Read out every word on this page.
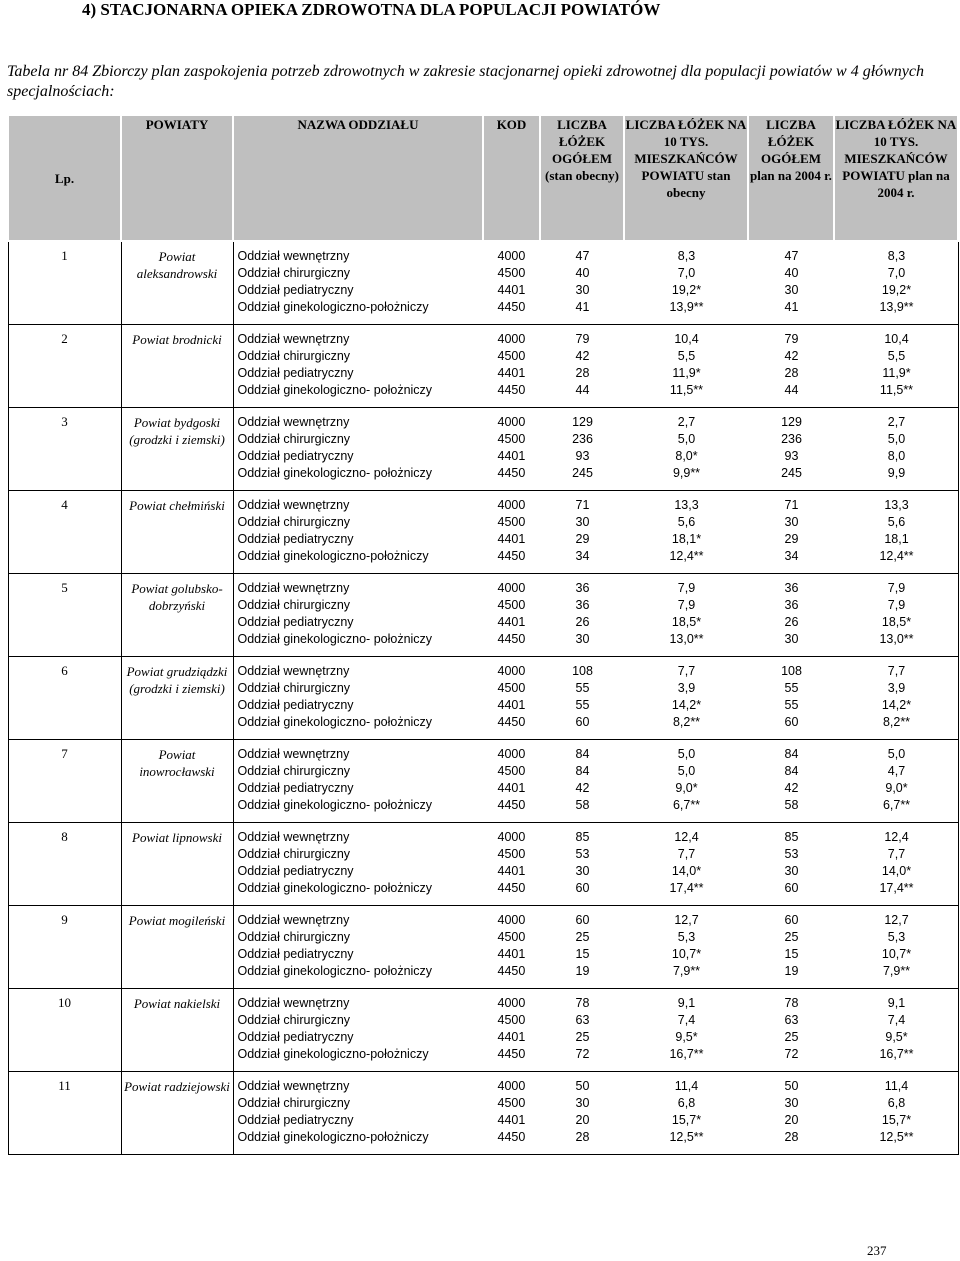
4) STACJONARNA OPIEKA ZDROWOTNA DLA POPULACJI POWIATÓW
Tabela nr 84 Zbiorczy plan zaspokojenia potrzeb zdrowotnych w zakresie stacjonarnej opieki zdrowotnej dla populacji powiatów w 4 głównych specjalnościach:
Lp.	POWIATY	NAZWA ODDZIAŁU	KOD	LICZBA ŁÓŻEK OGÓŁEM (stan obecny)	LICZBA ŁÓŻEK NA 10 TYS. MIESZKAŃCÓW POWIATU stan obecny	LICZBA ŁÓŻEK OGÓŁEM plan na 2004 r.	LICZBA ŁÓŻEK NA 10 TYS. MIESZKAŃCÓW POWIATU plan na 2004 r.
1	Powiat aleksandrowski	
Oddział wewnętrzny	4000	47	8,3	47	8,3
Oddział chirurgiczny	4500	40	7,0	40	7,0
Oddział pediatryczny	4401	30	19,2*	30	19,2*
Oddział ginekologiczno-położniczy	4450	41	13,9**	41	13,9**

2	Powiat brodnicki	Oddział wewnętrzny	4000	79	10,4	79	10,4
Oddział chirurgiczny	4500	42	5,5	42	5,5
Oddział pediatryczny	4401	28	11,9*	28	11,9*
Oddział ginekologiczno- położniczy	4450	44	11,5**	44	11,5**

3	Powiat bydgoski (grodzki i ziemski)	
Oddział wewnętrzny	4000	129	2,7	129	2,7
Oddział chirurgiczny	4500	236	5,0	236	5,0
Oddział pediatryczny	4401	93	8,0*	93	8,0
Oddział ginekologiczno- położniczy	4450	245	9,9**	245	9,9

4	Powiat chełmiński	Oddział wewnętrzny	4000	71	13,3	71	13,3
Oddział chirurgiczny	4500	30	5,6	30	5,6
Oddział pediatryczny	4401	29	18,1*	29	18,1
Oddział ginekologiczno-położniczy	4450	34	12,4**	34	12,4**

5	Powiat golubsko-dobrzyński	
Oddział wewnętrzny	4000	36	7,9	36	7,9
Oddział chirurgiczny	4500	36	7,9	36	7,9
Oddział pediatryczny	4401	26	18,5*	26	18,5*
Oddział ginekologiczno- położniczy	4450	30	13,0**	30	13,0**

6	Powiat grudziądzki (grodzki i ziemski)	
Oddział wewnętrzny	4000	108	7,7	108	7,7
Oddział chirurgiczny	4500	55	3,9	55	3,9
Oddział pediatryczny	4401	55	14,2*	55	14,2*
Oddział ginekologiczno- położniczy	4450	60	8,2**	60	8,2**

7	Powiat inowrocławski	
Oddział wewnętrzny	4000	84	5,0	84	5,0
Oddział chirurgiczny	4500	84	5,0	84	4,7
Oddział pediatryczny	4401	42	9,0*	42	9,0*
Oddział ginekologiczno- położniczy	4450	58	6,7**	58	6,7**

8	Powiat lipnowski	Oddział wewnętrzny	4000	85	12,4	85	12,4
Oddział chirurgiczny	4500	53	7,7	53	7,7
Oddział pediatryczny	4401	30	14,0*	30	14,0*
Oddział ginekologiczno- położniczy	4450	60	17,4**	60	17,4**

9	Powiat mogileński	Oddział wewnętrzny	4000	60	12,7	60	12,7
Oddział chirurgiczny	4500	25	5,3	25	5,3
Oddział pediatryczny	4401	15	10,7*	15	10,7*
Oddział ginekologiczno- położniczy	4450	19	7,9**	19	7,9**

10	Powiat nakielski	Oddział wewnętrzny	4000	78	9,1	78	9,1
Oddział chirurgiczny	4500	63	7,4	63	7,4
Oddział pediatryczny	4401	25	9,5*	25	9,5*
Oddział ginekologiczno-położniczy	4450	72	16,7**	72	16,7**

11	Powiat radziejowski	Oddział wewnętrzny	4000	50	11,4	50	11,4
Oddział chirurgiczny	4500	30	6,8	30	6,8
Oddział pediatryczny	4401	20	15,7*	20	15,7*
Oddział ginekologiczno-położniczy	4450	28	12,5**	28	12,5**
237
